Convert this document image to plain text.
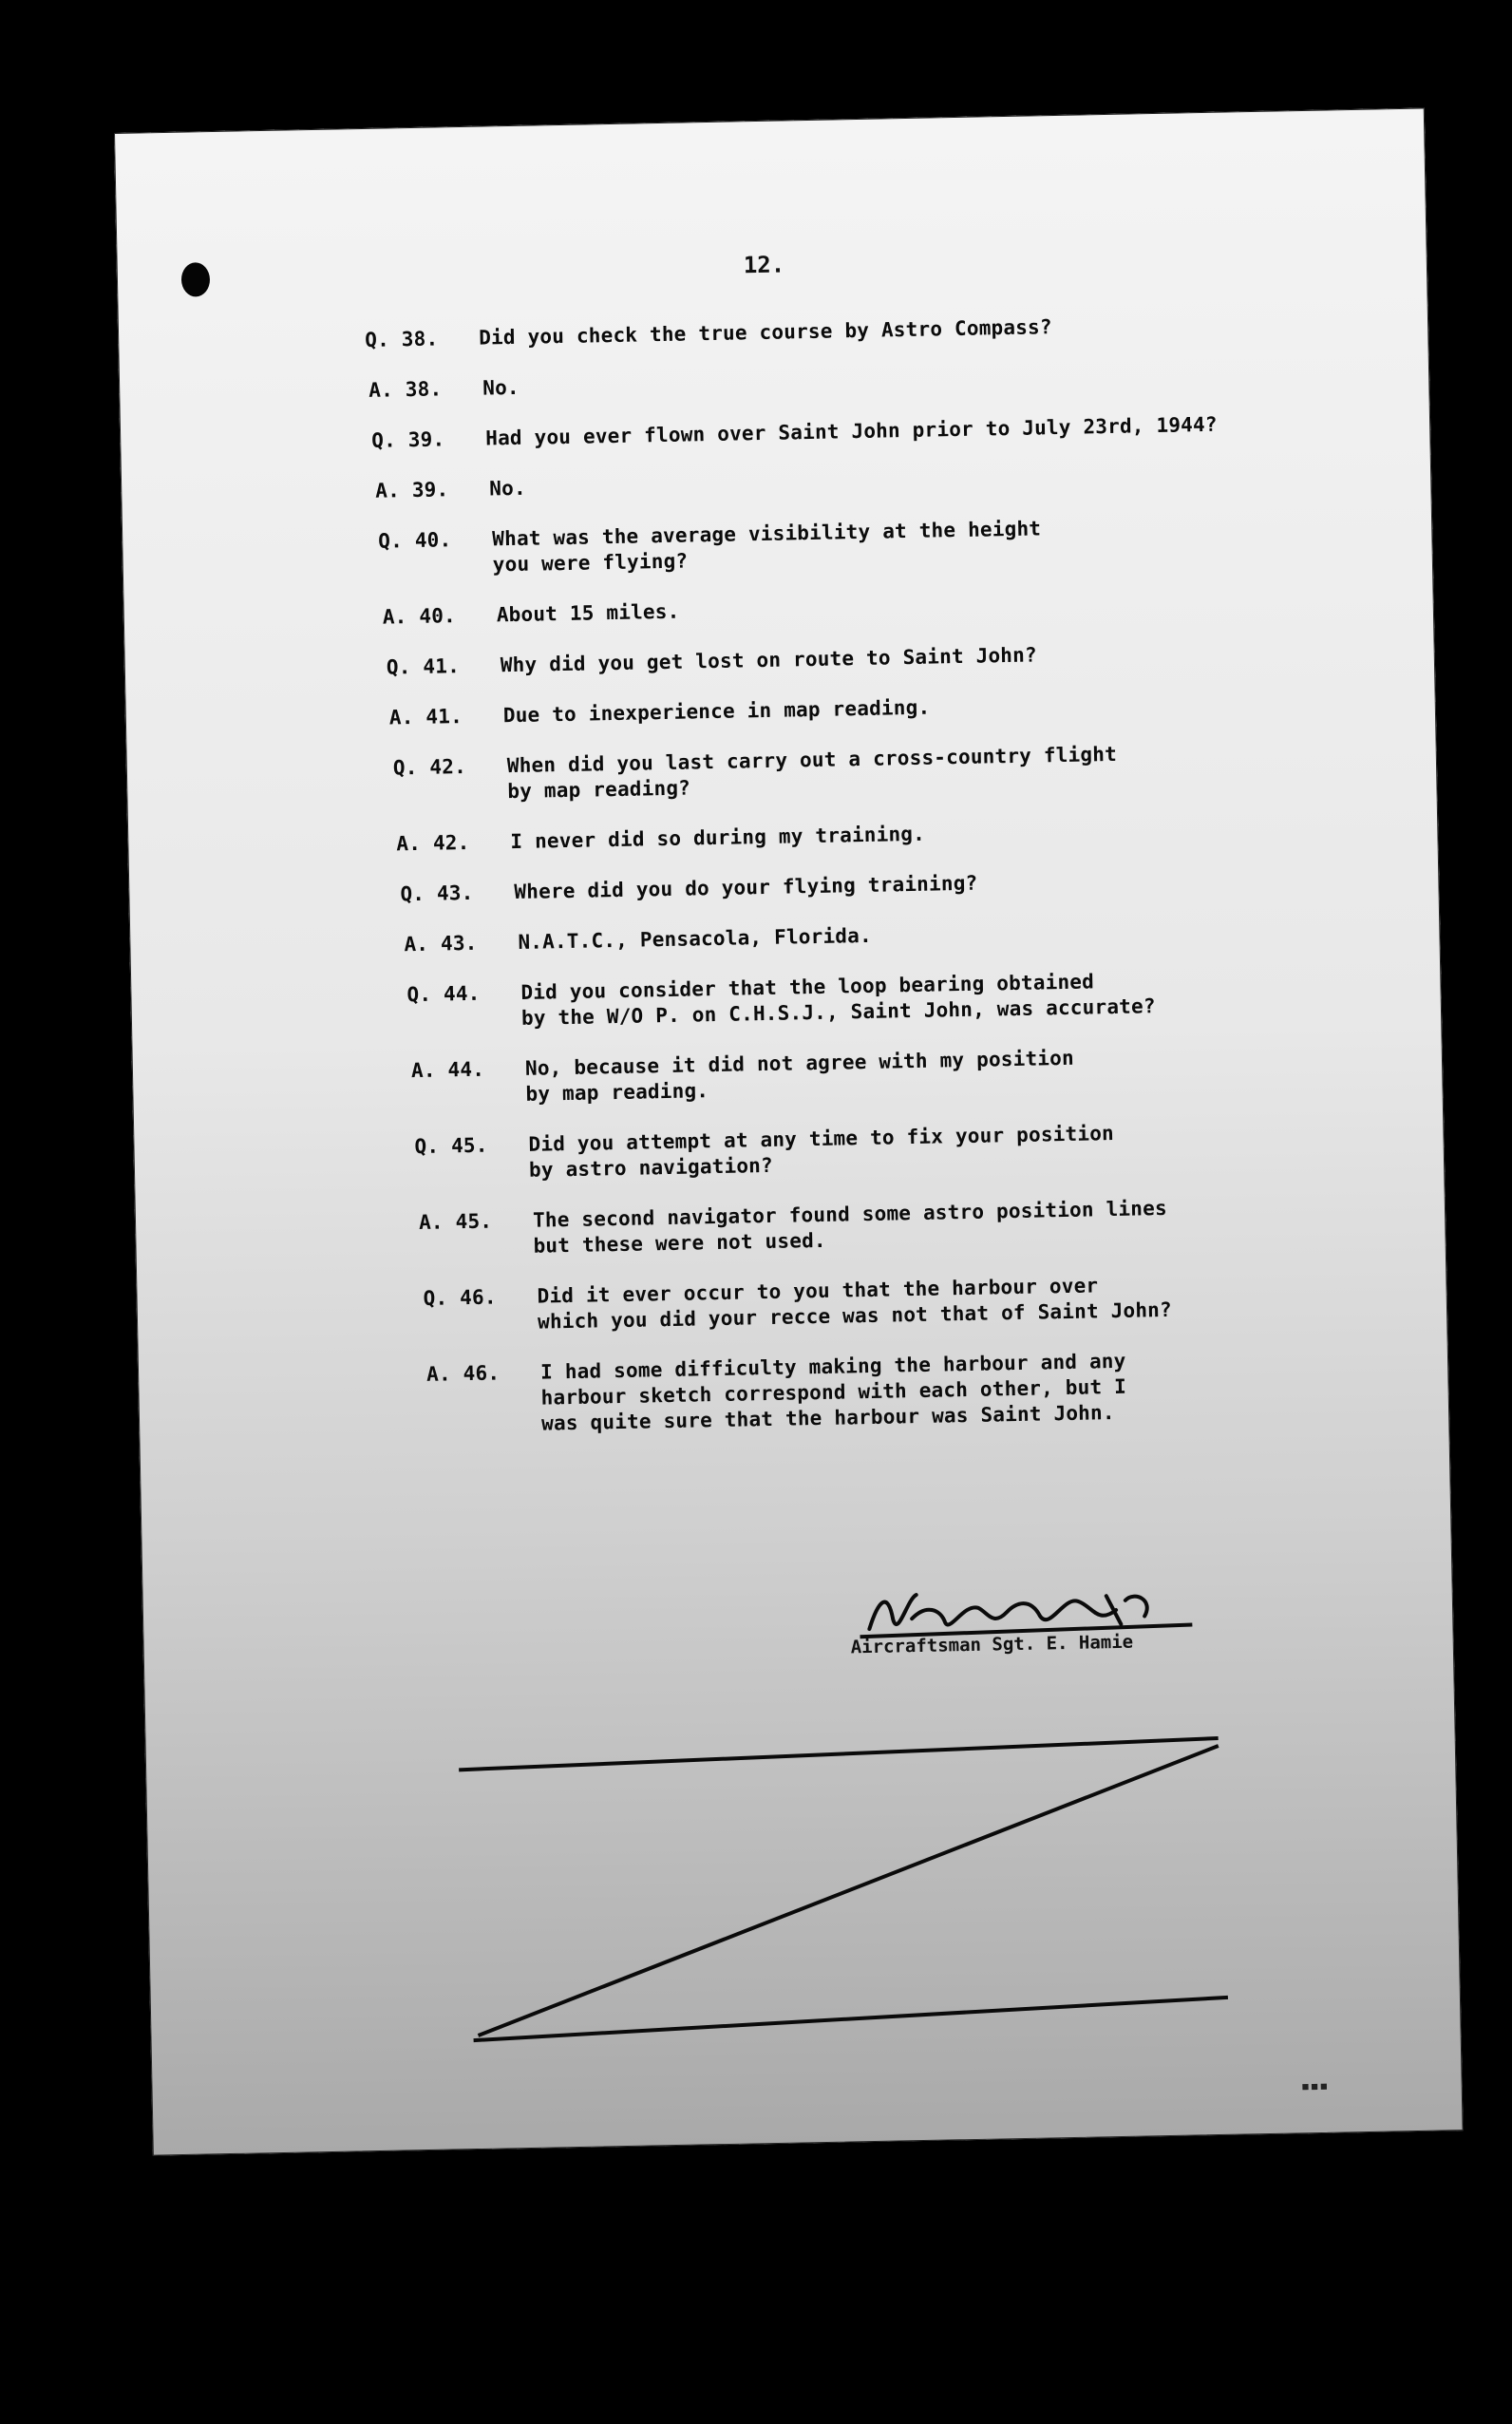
12.
Q. 38.	Did you check the true course by Astro Compass?
A. 38.	No.
Q. 39.	Had you ever flown over Saint John prior to July 23rd, 1944?
A. 39.	No.
Q. 40.	What was the average visibility at the height
you were flying?
A. 40.	About 15 miles.
Q. 41.	Why did you get lost on route to Saint John?
A. 41.	Due to inexperience in map reading.
Q. 42.	When did you last carry out a cross-country flight
by map reading?
A. 42.	I never did so during my training.
Q. 43.	Where did you do your flying training?
A. 43.	N.A.T.C., Pensacola, Florida.
Q. 44.	Did you consider that the loop bearing obtained
by the W/O P. on C.H.S.J., Saint John, was accurate?
A. 44.	No, because it did not agree with my position
by map reading.
Q. 45.	Did you attempt at any time to fix your position
by astro navigation?
A. 45.	The second navigator found some astro position lines
but these were not used.
Q. 46.	Did it ever occur to you that the harbour over
which you did your recce was not that of Saint John?
A. 46.	I had some difficulty making the harbour and any
harbour sketch correspond with each other, but I
was quite sure that the harbour was Saint John.
Aircraftsman Sgt. E. Hamie
▪▪▪
